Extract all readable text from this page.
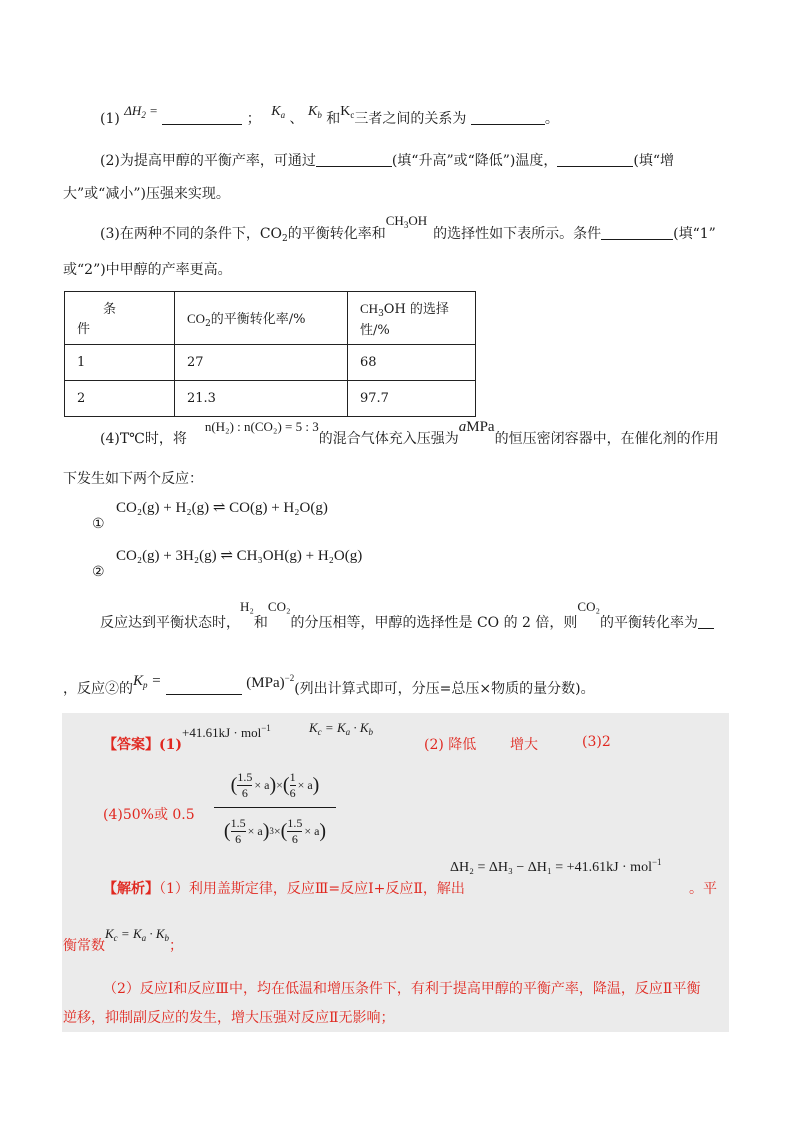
(1) $\Delta H_2$ =  ； $K_a$ 、 $K_b$ 和$K_c$三者之间的关系为	。
(2)为提高甲醇的平衡产率，可通过	(填“升高”或“降低”)温度，	(填“增
大”或“减小”)压强来实现。
(3)在两种不同的条件下，$CO_2$的平衡转化率和$CH_3OH$的选择性如下表所示。条件	(填“1”
或“2”)中甲醇的产率更高。
条
件	$CO_2$的平衡转化率/%	$CH_3OH$ 的选择性/%
1	27	68
2	21.3	97.7
(4)T℃时，将n(H₂) : n(CO₂) = 5 : 3的混合气体充入压强为aMPa的恒压密闭容器中，在催化剂的作用
下发生如下两个反应：
①
CO₂(g) + H₂(g) ⇌ CO(g) + H₂O(g)
②
CO₂(g) + 3H₂(g) ⇌ CH₃OH(g) + H₂O(g)
反应达到平衡状态时，H₂和CO₂的分压相等，甲醇的选择性是 CO 的 2 倍，则CO₂的平衡转化率为
，反应②的$K_p$ =	(MPa)$^{-2}$(列出计算式即可，分压=总压×物质的量分数)。
【答案】(1)
+41.61kJ · mol$^{-1}$	$K_c = K_a \cdot K_b$
(2) 降低 增大	(3)2
(4)50%或 0.5
( $\frac{1.5}{6} \times a$ ) × ( $\frac{1}{6} \times a$ )
( $\frac{1.5}{6} \times a$ ) 3 × ( $\frac{1.5}{6} \times a$ )
【解析】（1）利用盖斯定律，反应Ⅲ=反应Ⅰ+反应Ⅱ，解出
ΔH₂ = ΔH₃ − ΔH₁ = +41.61kJ · mol$^{-1}$
。平
衡常数$K_c = K_a \cdot K_b$；
（2）反应Ⅰ和反应Ⅲ中，均在低温和增压条件下，有利于提高甲醇的平衡产率，降温，反应Ⅱ平衡
逆移，抑制副反应的发生，增大压强对反应Ⅱ无影响；
